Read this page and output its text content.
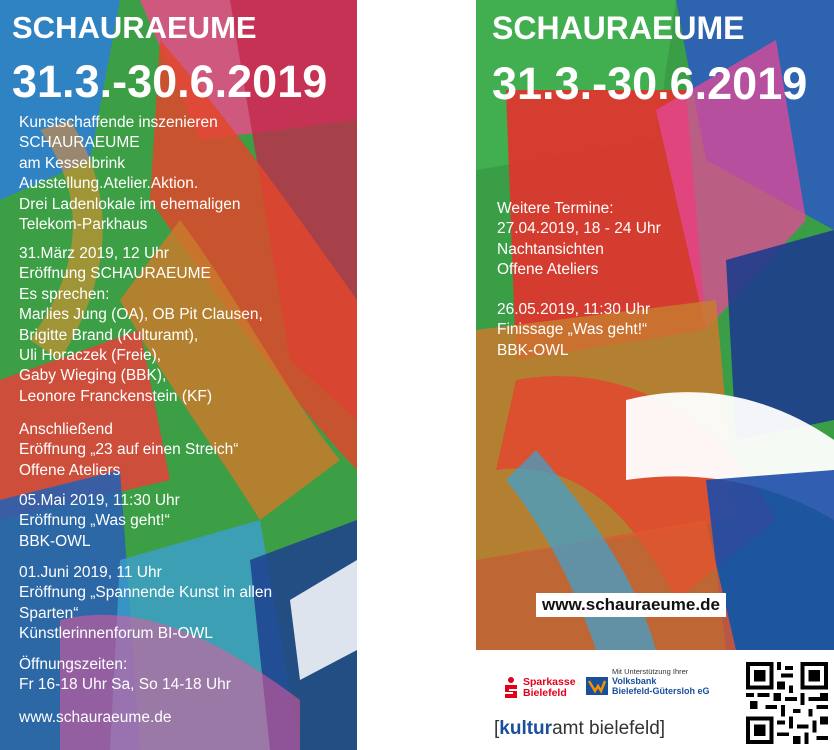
SCHAURAEUME
31.3.-30.6.2019
Kunstschaffende inszenieren
SCHAURAEUME
am Kesselbrink
Ausstellung.Atelier.Aktion.
Drei Ladenlokale im ehemaligen
Telekom-Parkhaus
31.März 2019, 12 Uhr
Eröffnung SCHAURAEUME
Es sprechen:
Marlies Jung (OA), OB Pit Clausen,
Brigitte Brand (Kulturamt),
Uli Horaczek (Freie),
Gaby Wieging (BBK),
Leonore Franckenstein (KF)
Anschließend
Eröffnung „23 auf einen Streich“
Offene Ateliers
05.Mai 2019, 11:30 Uhr
Eröffnung „Was geht!“
BBK-OWL
01.Juni 2019, 11 Uhr
Eröffnung „Spannende Kunst in allen
Sparten“
Künstlerinnenforum BI-OWL
Öffnungszeiten:
Fr 16-18 Uhr Sa, So 14-18 Uhr
www.schauraeume.de
SCHAURAEUME
31.3.-30.6.2019
Weitere Termine:
27.04.2019, 18 - 24 Uhr
Nachtansichten
Offene Ateliers
26.05.2019, 11:30 Uhr
Finissage „Was geht!“
BBK-OWL
www.schauraeume.de
Sparkasse
Bielefeld
Mit Unterstützung Ihrer
Volksbank
Bielefeld-Gütersloh eG
[kulturamt bielefeld]
